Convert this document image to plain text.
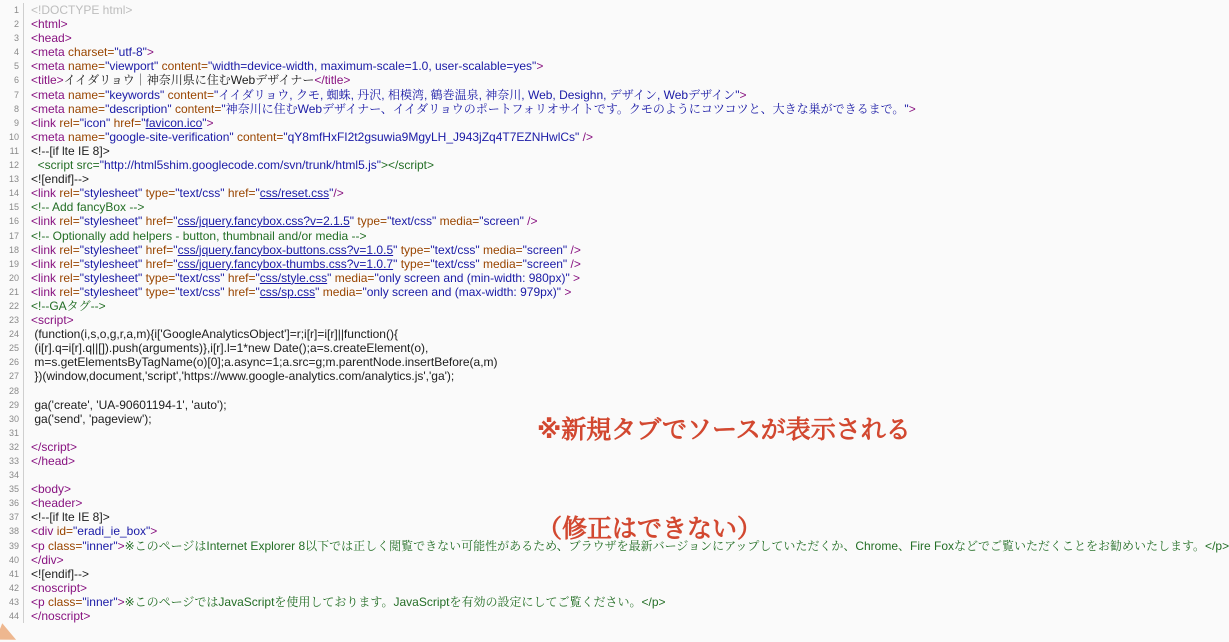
1	<!DOCTYPE html>
2	<html>
3	<head>
4	<meta charset="utf-8">
5	<meta name="viewport" content="width=device-width, maximum-scale=1.0, user-scalable=yes">
6	<title>イイダリョウ｜神奈川県に住むWebデザイナー</title>
7	<meta name="keywords" content="イイダリョウ, クモ, 蜘蛛, 丹沢, 相模湾, 鶴巻温泉, 神奈川, Web, Desighn, デザイン, Webデザイン">
8	<meta name="description" content="神奈川に住むWebデザイナー、イイダリョウのポートフォリオサイトです。クモのようにコツコツと、大きな巣ができるまで。">
9	<link rel="icon" href="favicon.ico">
10	<meta name="google-site-verification" content="qY8mfHxFI2t2gsuwia9MgyLH_J943jZq4T7EZNHwlCs" />
11	<!--[if lte IE 8]>
12	<script src="http://html5shim.googlecode.com/svn/trunk/html5.js"></script>
13	<![endif]-->
14	<link rel="stylesheet" type="text/css" href="css/reset.css"/>
15	<!-- Add fancyBox -->
16	<link rel="stylesheet" href="css/jquery.fancybox.css?v=2.1.5" type="text/css" media="screen" />
17	<!-- Optionally add helpers - button, thumbnail and/or media -->
18	<link rel="stylesheet" href="css/jquery.fancybox-buttons.css?v=1.0.5" type="text/css" media="screen" />
19	<link rel="stylesheet" href="css/jquery.fancybox-thumbs.css?v=1.0.7" type="text/css" media="screen" />
20	<link rel="stylesheet" type="text/css" href="css/style.css" media="only screen and (min-width: 980px)" >
21	<link rel="stylesheet" type="text/css" href="css/sp.css" media="only screen and (max-width: 979px)" >
22	<!--GAタグ-->
23	<script>
24	(function(i,s,o,g,r,a,m){i['GoogleAnalyticsObject']=r;i[r]=i[r]||function(){
25	(i[r].q=i[r].q||[]).push(arguments)},i[r].l=1*new Date();a=s.createElement(o),
26	m=s.getElementsByTagName(o)[0];a.async=1;a.src=g;m.parentNode.insertBefore(a,m)
27	})(window,document,'script','https://www.google-analytics.com/analytics.js','ga');
28
29	ga('create', 'UA-90601194-1', 'auto');
30	ga('send', 'pageview');
31
32	</script>
33	</head>
34
35	<body>
36	<header>
37	<!--[if lte IE 8]>
38	<div id="eradi_ie_box">
39	<p class="inner">※このページはInternet Explorer 8以下では正しく閲覧できない可能性があるため、ブラウザを最新バージョンにアップしていただくか、Chrome、Fire Foxなどでご覧いただくことをお勧めいたします。</p>
40	</div>
41	<![endif]-->
42	<noscript>
43	<p class="inner">※このページではJavaScriptを使用しております。JavaScriptを有効の設定にしてご覧ください。</p>
44	</noscript>

※新規タブでソースが表示される

（修正はできない）
